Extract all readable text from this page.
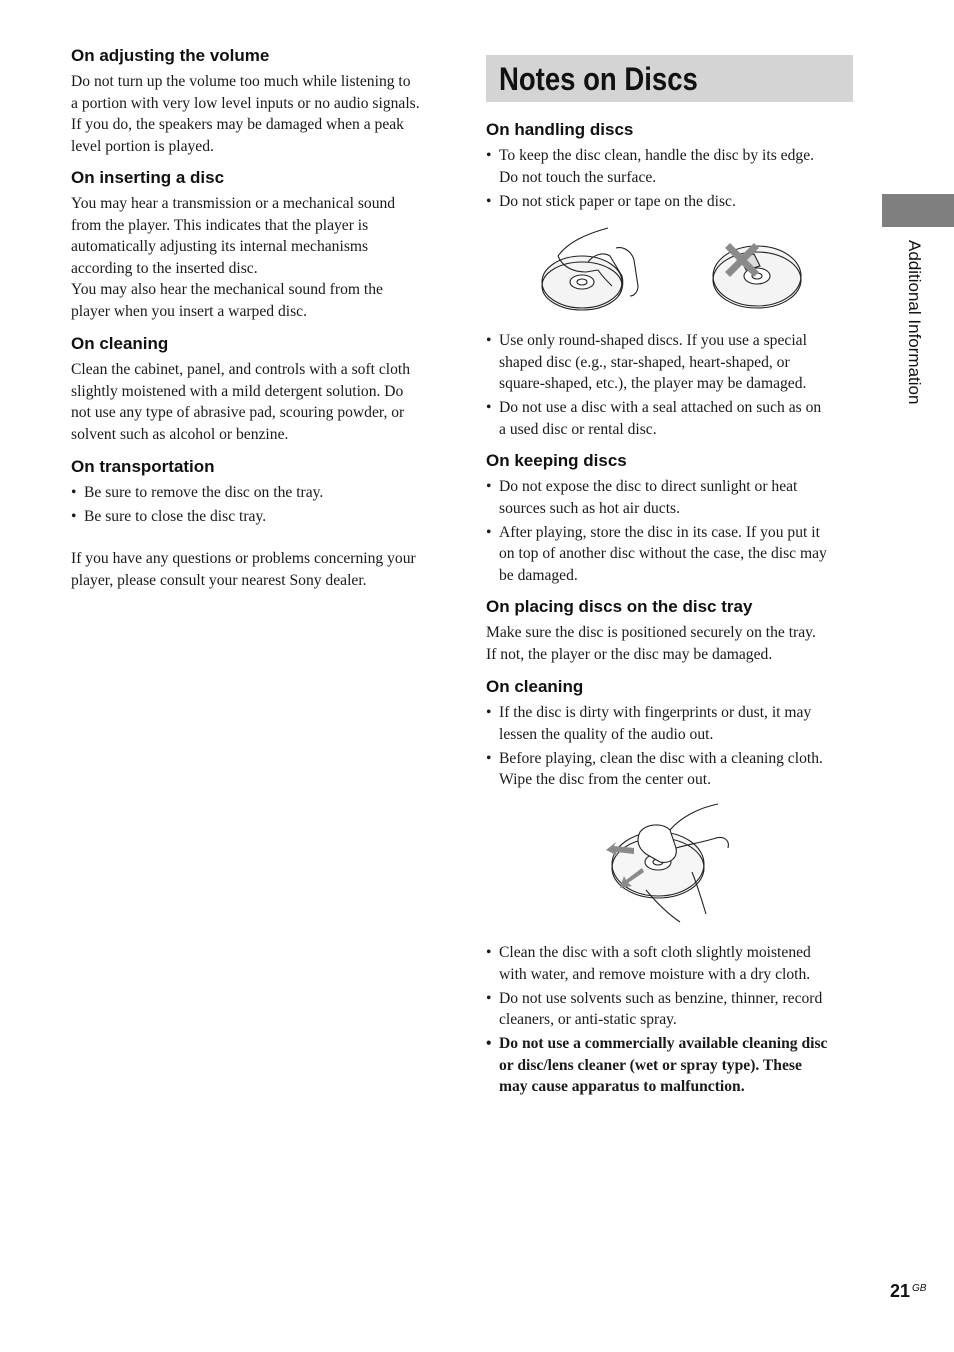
On adjusting the volume

Do not turn up the volume too much while listening to
a portion with very low level inputs or no audio signals.
If you do, the speakers may be damaged when a peak
level portion is played.

On inserting a disc

You may hear a transmission or a mechanical sound
from the player. This indicates that the player is
automatically adjusting its internal mechanisms
according to the inserted disc.
You may also hear the mechanical sound from the
player when you insert a warped disc.

On cleaning

Clean the cabinet, panel, and controls with a soft cloth
slightly moistened with a mild detergent solution. Do
not use any type of abrasive pad, scouring powder, or
solvent such as alcohol or benzine.

On transportation
• Be sure to remove the disc on the tray.
• Be sure to close the disc tray.

If you have any questions or problems concerning your
player, please consult your nearest Sony dealer.

Notes on Discs
On handling discs
• To keep the disc clean, handle the disc by its edge.
Do not touch the surface.
• Do not stick paper or tape on the disc.
• Use only round-shaped discs. If you use a special
shaped disc (e.g., star-shaped, heart-shaped, or
square-shaped, etc.), the player may be damaged.
• Do not use a disc with a seal attached on such as on
a used disc or rental disc.
On keeping discs
• Do not expose the disc to direct sunlight or heat
sources such as hot air ducts.
• After playing, store the disc in its case. If you put it
on top of another disc without the case, the disc may
be damaged.
On placing discs on the disc tray

Make sure the disc is positioned securely on the tray.
If not, the player or the disc may be damaged.

On cleaning
• If the disc is dirty with fingerprints or dust, it may
lessen the quality of the audio out.
• Before playing, clean the disc with a cleaning cloth.
Wipe the disc from the center out.
• Clean the disc with a soft cloth slightly moistened
with water, and remove moisture with a dry cloth.
• Do not use solvents such as benzine, thinner, record
cleaners, or anti-static spray.
• Do not use a commercially available cleaning disc
or disc/lens cleaner (wet or spray type). These
may cause apparatus to malfunction.
Additional Information
21 $^{GB}$
